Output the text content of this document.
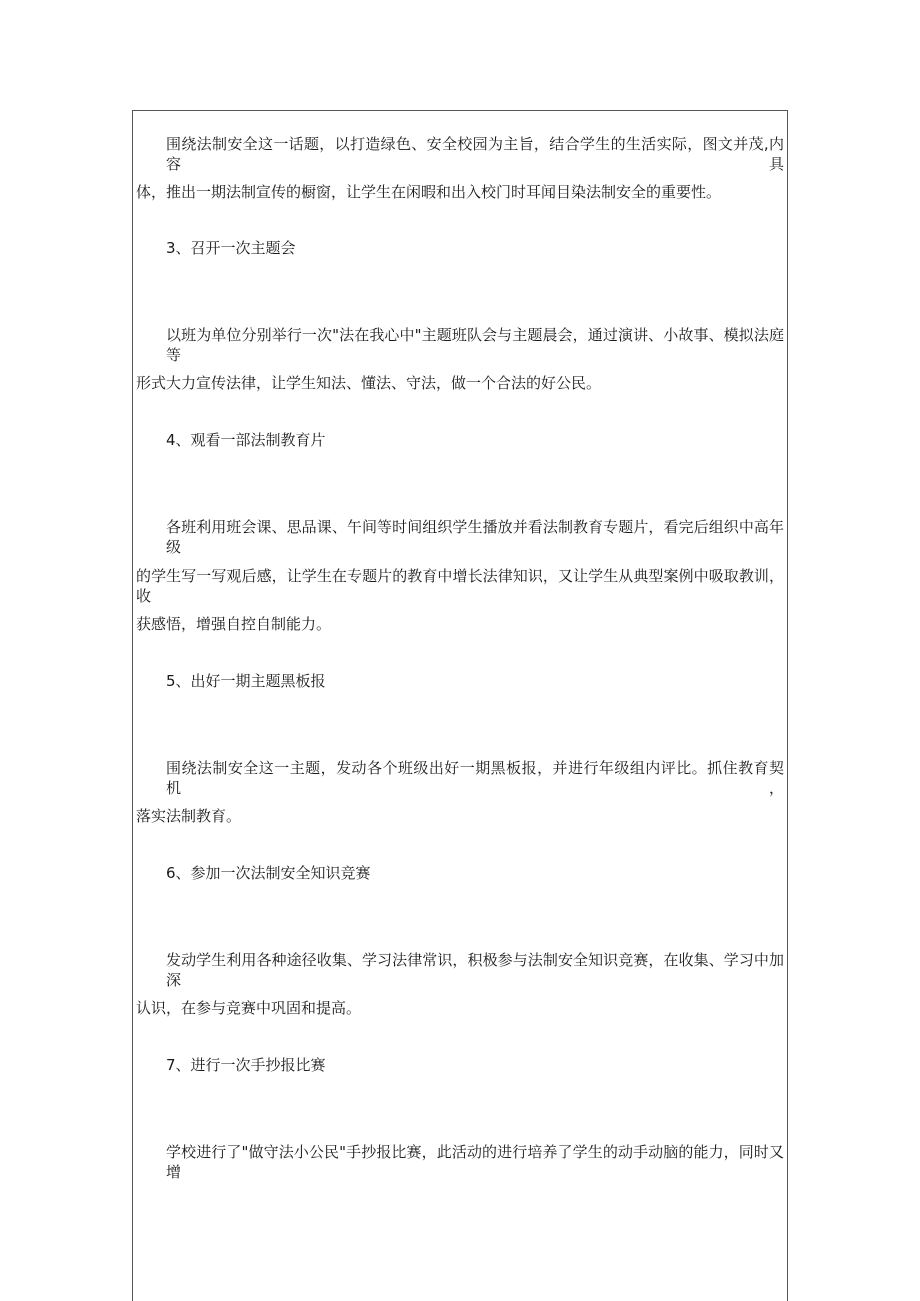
围绕法制安全这一话题，以打造绿色、安全校园为主旨，结合学生的生活实际，图文并茂,内容具
体，推出一期法制宣传的橱窗，让学生在闲暇和出入校门时耳闻目染法制安全的重要性。
3、召开一次主题会
以班为单位分别举行一次"法在我心中"主题班队会与主题晨会，通过演讲、小故事、模拟法庭等
形式大力宣传法律，让学生知法、懂法、守法，做一个合法的好公民。
4、观看一部法制教育片
各班利用班会课、思品课、午间等时间组织学生播放并看法制教育专题片，看完后组织中高年级
的学生写一写观后感，让学生在专题片的教育中增长法律知识，又让学生从典型案例中吸取教训，收
获感悟，增强自控自制能力。
5、出好一期主题黑板报
围绕法制安全这一主题，发动各个班级出好一期黑板报，并进行年级组内评比。抓住教育契机，
落实法制教育。
6、参加一次法制安全知识竞赛
发动学生利用各种途径收集、学习法律常识，积极参与法制安全知识竞赛，在收集、学习中加深
认识，在参与竞赛中巩固和提高。
7、进行一次手抄报比赛
学校进行了"做守法小公民"手抄报比赛，此活动的进行培养了学生的动手动脑的能力，同时又增
